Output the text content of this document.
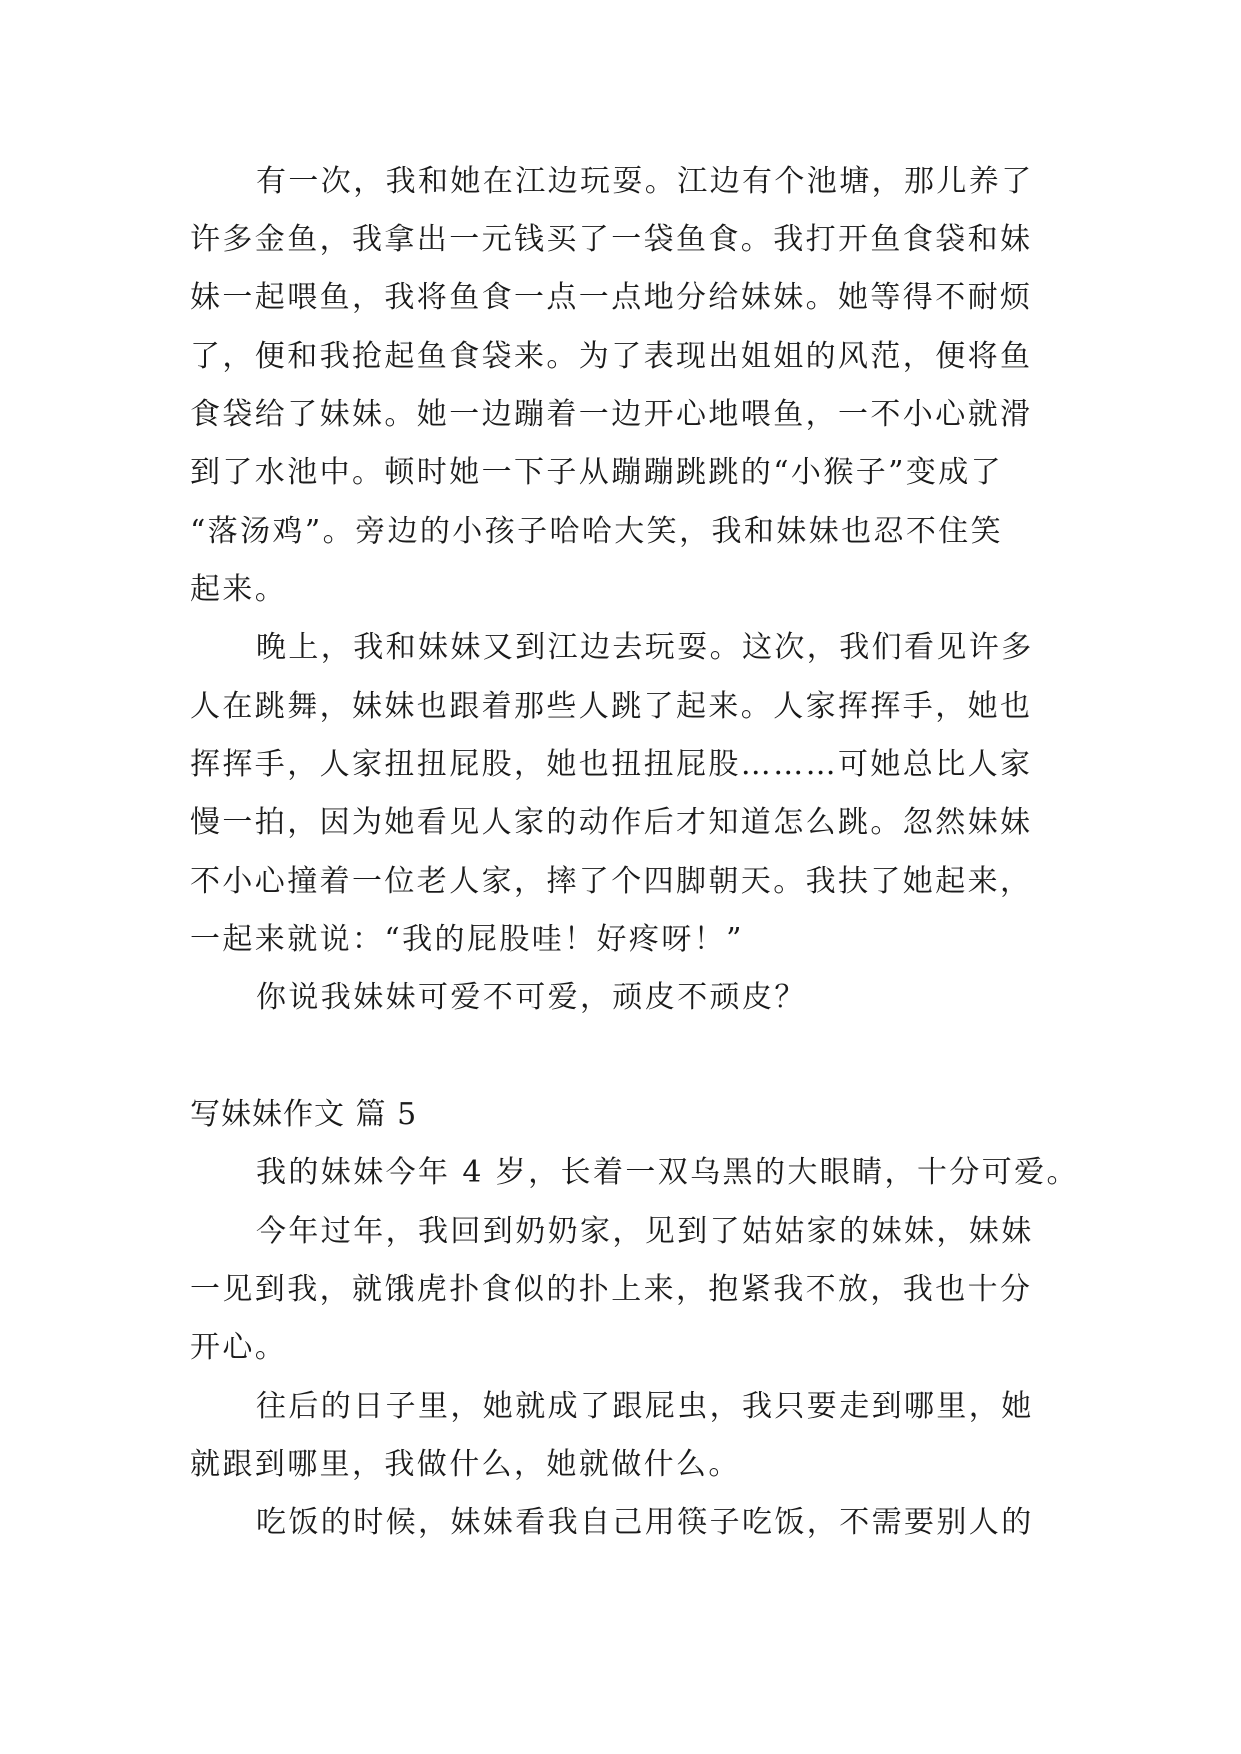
有一次，我和她在江边玩耍。江边有个池塘，那儿养了
许多金鱼，我拿出一元钱买了一袋鱼食。我打开鱼食袋和妹
妹一起喂鱼，我将鱼食一点一点地分给妹妹。她等得不耐烦
了，便和我抢起鱼食袋来。为了表现出姐姐的风范，便将鱼
食袋给了妹妹。她一边蹦着一边开心地喂鱼，一不小心就滑
到了水池中。顿时她一下子从蹦蹦跳跳的“小猴子”变成了
“落汤鸡”。旁边的小孩子哈哈大笑，我和妹妹也忍不住笑
起来。
晚上，我和妹妹又到江边去玩耍。这次，我们看见许多
人在跳舞，妹妹也跟着那些人跳了起来。人家挥挥手，她也
挥挥手，人家扭扭屁股，她也扭扭屁股………可她总比人家
慢一拍，因为她看见人家的动作后才知道怎么跳。忽然妹妹
不小心撞着一位老人家，摔了个四脚朝天。我扶了她起来，
一起来就说：“我的屁股哇！好疼呀！”
你说我妹妹可爱不可爱，顽皮不顽皮？
写妹妹作文 篇 5
我的妹妹今年 4 岁，长着一双乌黑的大眼睛，十分可爱。
今年过年，我回到奶奶家，见到了姑姑家的妹妹，妹妹
一见到我，就饿虎扑食似的扑上来，抱紧我不放，我也十分
开心。
往后的日子里，她就成了跟屁虫，我只要走到哪里，她
就跟到哪里，我做什么，她就做什么。
吃饭的时候，妹妹看我自己用筷子吃饭，不需要别人的
